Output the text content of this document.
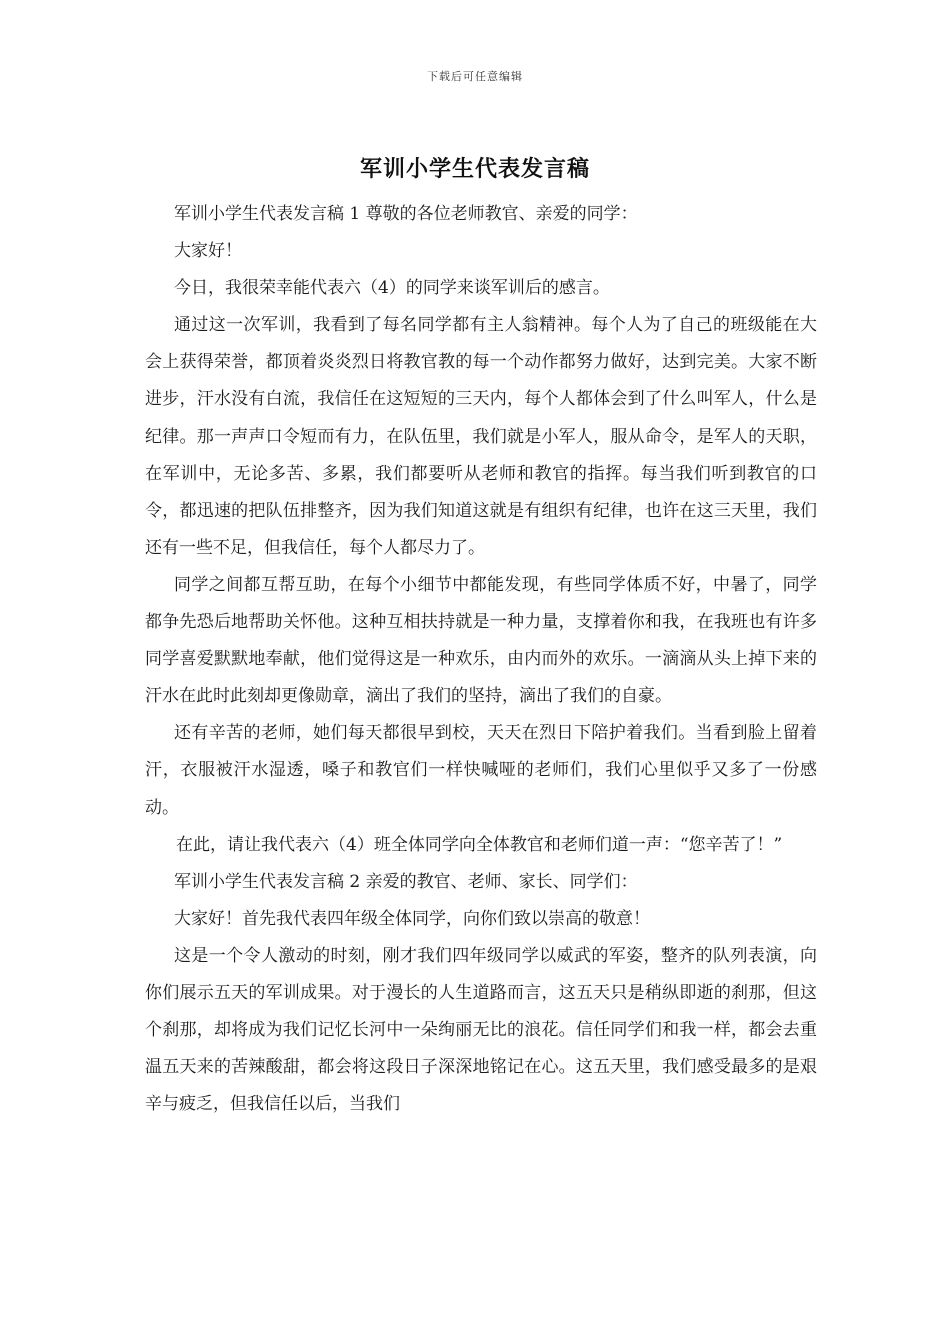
下载后可任意编辑
军训小学生代表发言稿

军训小学生代表发言稿 1 尊敬的各位老师教官、亲爱的同学：

大家好！

今日，我很荣幸能代表六（4）的同学来谈军训后的感言。

通过这一次军训，我看到了每名同学都有主人翁精神。每个人为了自己的班级能在大会上获得荣誉，都顶着炎炎烈日将教官教的每一个动作都努力做好，达到完美。大家不断进步，汗水没有白流，我信任在这短短的三天内，每个人都体会到了什么叫军人，什么是纪律。那一声声口令短而有力，在队伍里，我们就是小军人，服从命令，是军人的天职，在军训中，无论多苦、多累，我们都要听从老师和教官的指挥。每当我们听到教官的口令，都迅速的把队伍排整齐，因为我们知道这就是有组织有纪律，也许在这三天里，我们还有一些不足，但我信任，每个人都尽力了。

同学之间都互帮互助，在每个小细节中都能发现，有些同学体质不好，中暑了，同学都争先恐后地帮助关怀他。这种互相扶持就是一种力量，支撑着你和我，在我班也有许多同学喜爱默默地奉献，他们觉得这是一种欢乐，由内而外的欢乐。一滴滴从头上掉下来的汗水在此时此刻却更像勋章，滴出了我们的坚持，滴出了我们的自豪。

还有辛苦的老师，她们每天都很早到校，天天在烈日下陪护着我们。当看到脸上留着汗，衣服被汗水湿透，嗓子和教官们一样快喊哑的老师们，我们心里似乎又多了一份感动。

在此，请让我代表六（4）班全体同学向全体教官和老师们道一声：“您辛苦了！”

军训小学生代表发言稿 2 亲爱的教官、老师、家长、同学们：

大家好！首先我代表四年级全体同学，向你们致以崇高的敬意！

这是一个令人激动的时刻，刚才我们四年级同学以威武的军姿，整齐的队列表演，向你们展示五天的军训成果。对于漫长的人生道路而言，这五天只是稍纵即逝的刹那，但这个刹那，却将成为我们记忆长河中一朵绚丽无比的浪花。信任同学们和我一样，都会去重温五天来的苦辣酸甜，都会将这段日子深深地铭记在心。这五天里，我们感受最多的是艰辛与疲乏，但我信任以后，当我们
